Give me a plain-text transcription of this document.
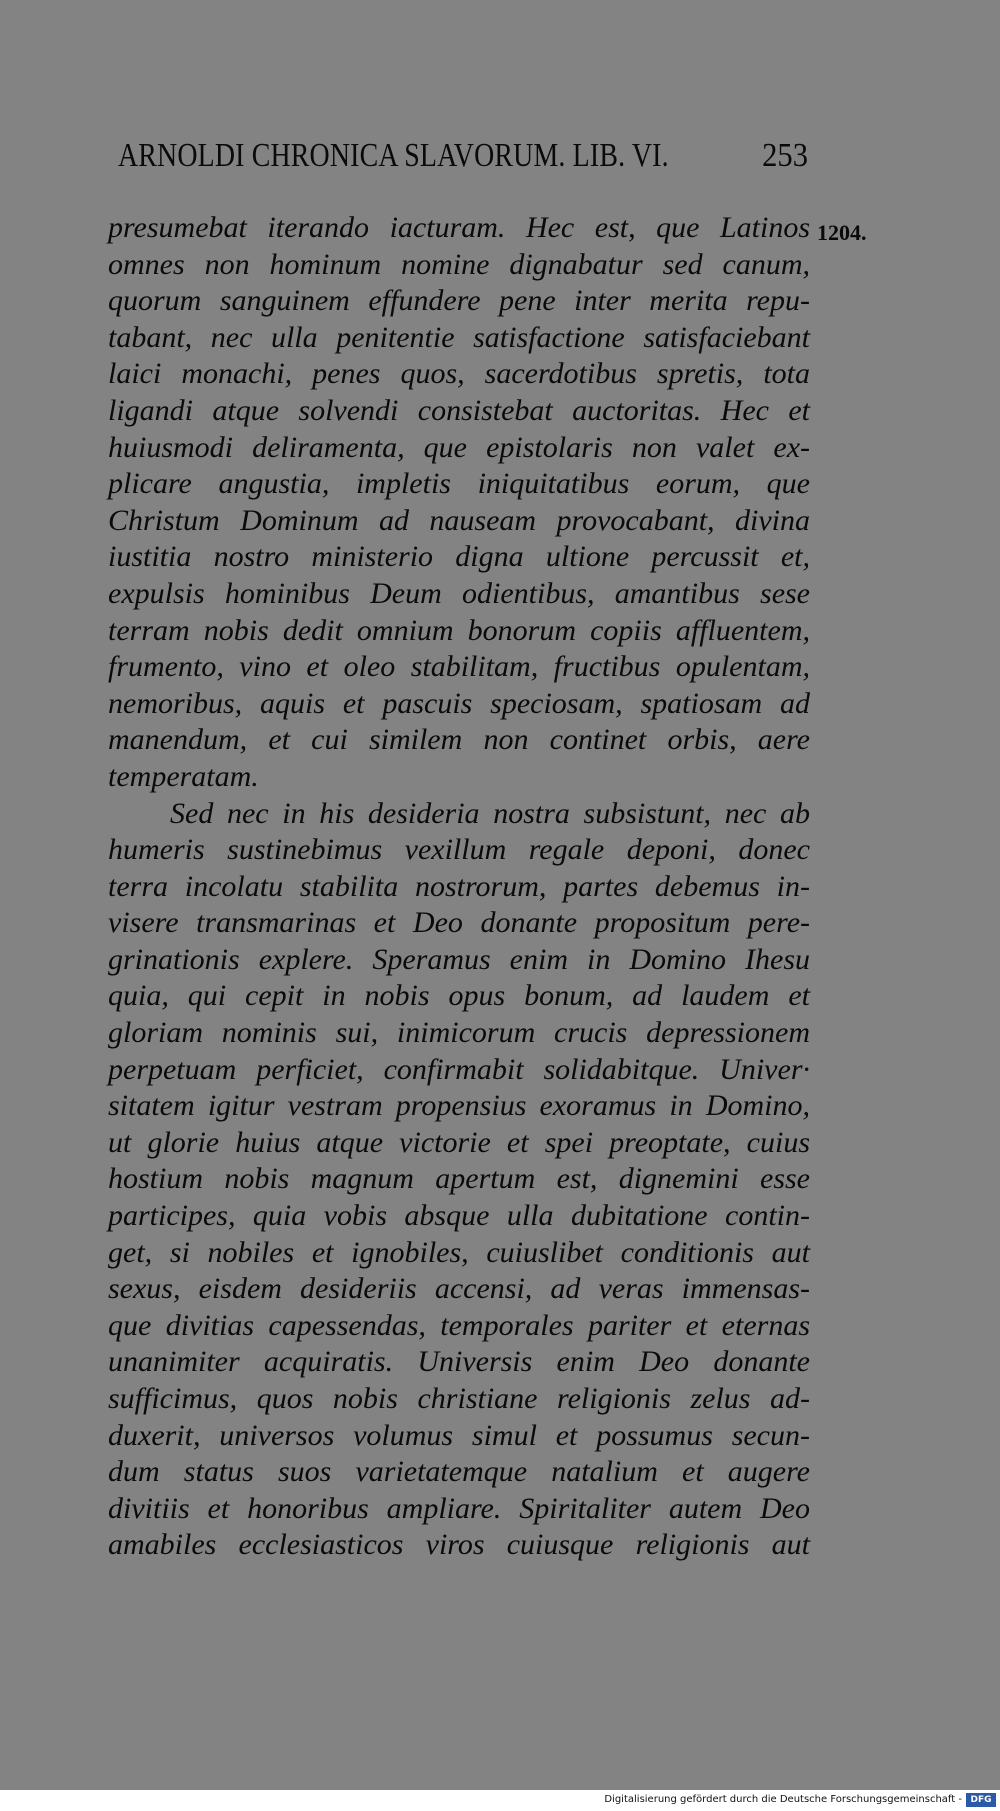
ARNOLDI CHRONICA SLAVORUM. LIB. VI.	253
1204.
presumebat iterando iacturam. Hec est, que Latinos
omnes non hominum nomine dignabatur sed canum,
quorum sanguinem effundere pene inter merita repu-
tabant, nec ulla penitentie satisfactione satisfaciebant
laici monachi, penes quos, sacerdotibus spretis, tota
ligandi atque solvendi consistebat auctoritas. Hec et
huiusmodi deliramenta, que epistolaris non valet ex-
plicare angustia, impletis iniquitatibus eorum, que
Christum Dominum ad nauseam provocabant, divina
iustitia nostro ministerio digna ultione percussit et,
expulsis hominibus Deum odientibus, amantibus sese
terram nobis dedit omnium bonorum copiis affluentem,
frumento, vino et oleo stabilitam, fructibus opulentam,
nemoribus, aquis et pascuis speciosam, spatiosam ad
manendum, et cui similem non continet orbis, aere
temperatam.
Sed nec in his desideria nostra subsistunt, nec ab
humeris sustinebimus vexillum regale deponi, donec
terra incolatu stabilita nostrorum, partes debemus in-
visere transmarinas et Deo donante propositum pere-
grinationis explere. Speramus enim in Domino Ihesu
quia, qui cepit in nobis opus bonum, ad laudem et
gloriam nominis sui, inimicorum crucis depressionem
perpetuam perficiet, confirmabit solidabitque. Univer·
sitatem igitur vestram propensius exoramus in Domino,
ut glorie huius atque victorie et spei preoptate, cuius
hostium nobis magnum apertum est, dignemini esse
participes, quia vobis absque ulla dubitatione contin-
get, si nobiles et ignobiles, cuiuslibet conditionis aut
sexus, eisdem desideriis accensi, ad veras immensas-
que divitias capessendas, temporales pariter et eternas
unanimiter acquiratis. Universis enim Deo donante
sufficimus, quos nobis christiane religionis zelus ad-
duxerit, universos volumus simul et possumus secun-
dum status suos varietatemque natalium et augere
divitiis et honoribus ampliare. Spiritaliter autem Deo
amabiles ecclesiasticos viros cuiusque religionis aut
Digitalisierung gefördert durch die Deutsche Forschungsgemeinschaft - DFG
